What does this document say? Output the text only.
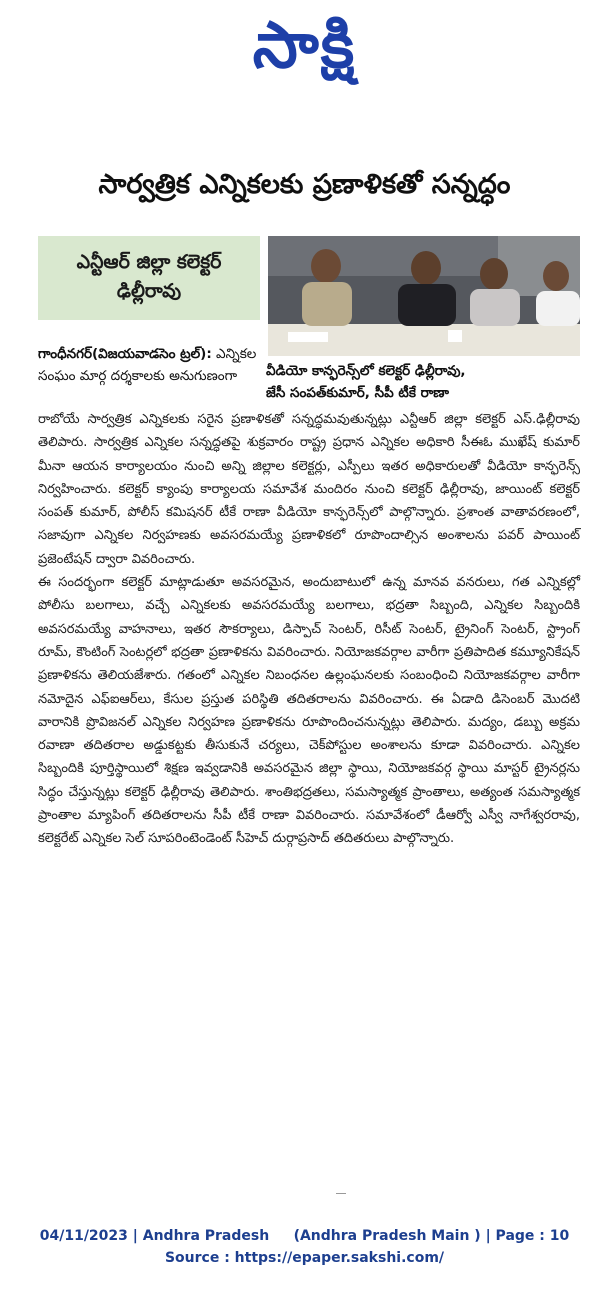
సాక్షి
సార్వత్రిక ఎన్నికలకు ప్రణాళికతో సన్నద్ధం
ఎన్టీఆర్ జిల్లా కలెక్టర్
ఢిల్లీరావు
వీడియో కాన్ఫరెన్స్‌లో కలెక్టర్ ఢిల్లీరావు,
జేసీ సంపత్‌కుమార్, సీపీ టీకే రాణా
గాంధీనగర్(విజయవాడసెం ట్రల్): ఎన్నికల సంఘం మార్గ దర్శకాలకు అనుగుణంగా

రాబోయే సార్వత్రిక ఎన్నికలకు సరైన ప్రణాళికతో సన్నద్ధమవుతున్నట్లు ఎన్టీఆర్ జిల్లా కలెక్టర్ ఎస్.ఢిల్లీరావు తెలిపారు. సార్వత్రిక ఎన్నికల సన్నద్ధతపై శుక్రవారం రాష్ట్ర ప్రధాన ఎన్నికల అధికారి సీఈఓ ముఖేష్ కుమార్ మీనా ఆయన కార్యాలయం నుంచి అన్ని జిల్లాల కలెక్టర్లు, ఎస్పీలు ఇతర అధికారులతో వీడియో కాన్ఫరెన్స్ నిర్వహించారు. కలెక్టర్ క్యాంపు కార్యాలయ సమావేశ మందిరం నుంచి కలెక్టర్ ఢిల్లీరావు, జాయింట్ కలెక్టర్ సంపత్ కుమార్, పోలీస్ కమిషనర్ టీకే రాణా వీడియో కాన్ఫరెన్స్‌లో పాల్గొన్నారు. ప్రశాంత వాతావరణంలో, సజావుగా ఎన్నికల నిర్వహణకు అవసరమయ్యే ప్రణాళికలో రూపొందాల్సిన అంశాలను పవర్ పాయింట్ ప్రజెంటేషన్ ద్వారా వివరించారు.

ఈ సందర్భంగా కలెక్టర్ మాట్లాడుతూ అవసరమైన, అందుబాటులో ఉన్న మానవ వనరులు, గత ఎన్నికల్లో పోలీసు బలగాలు, వచ్చే ఎన్నికలకు అవసరమయ్యే బలగాలు, భద్రతా సిబ్బంది, ఎన్నికల సిబ్బందికి అవసరమయ్యే వాహనాలు, ఇతర సౌకర్యాలు, డిస్పాచ్ సెంటర్, రిసీట్ సెంటర్, ట్రైనింగ్ సెంటర్, స్ట్రాంగ్ రూమ్, కౌంటింగ్ సెంటర్లలో భద్రతా ప్రణాళికను వివరించారు. నియోజకవర్గాల వారీగా ప్రతిపాదిత కమ్యూనికేషన్ ప్రణాళికను తెలియజేశారు. గతంలో ఎన్నికల నిబంధనల ఉల్లంఘనలకు సంబంధించి నియోజకవర్గాల వారీగా నమోదైన ఎఫ్ఐఆర్‌లు, కేసుల ప్రస్తుత పరిస్థితి తదితరాలను వివరించారు. ఈ ఏడాది డిసెంబర్ మొదటి వారానికి ప్రొవిజనల్ ఎన్నికల నిర్వహణ ప్రణాళికను రూపొందించనున్నట్లు తెలిపారు. మద్యం, డబ్బు అక్రమ రవాణా తదితరాల అడ్డుకట్టకు తీసుకునే చర్యలు, చెక్‌పోస్టుల అంశాలను కూడా వివరించారు. ఎన్నికల సిబ్బందికి పూర్తిస్థాయిలో శిక్షణ ఇవ్వడానికి అవసరమైన జిల్లా స్థాయి, నియోజకవర్గ స్థాయి మాస్టర్ ట్రైనర్లను సిద్ధం చేస్తున్నట్లు కలెక్టర్ ఢిల్లీరావు తెలిపారు. శాంతిభద్రతలు, సమస్యాత్మక ప్రాంతాలు, అత్యంత సమస్యాత్మక ప్రాంతాల మ్యాపింగ్ తదితరాలను సీపీ టీకే రాణా వివరించారు. సమావేశంలో డీఆర్వో ఎస్వీ నాగేశ్వరరావు, కలెక్టరేట్ ఎన్నికల సెల్ సూపరింటెండెంట్ సీహెచ్ దుర్గాప్రసాద్ తదితరులు పాల్గొన్నారు.

04/11/2023 | Andhra Pradesh     (Andhra Pradesh Main ) | Page : 10
Source : https://epaper.sakshi.com/
